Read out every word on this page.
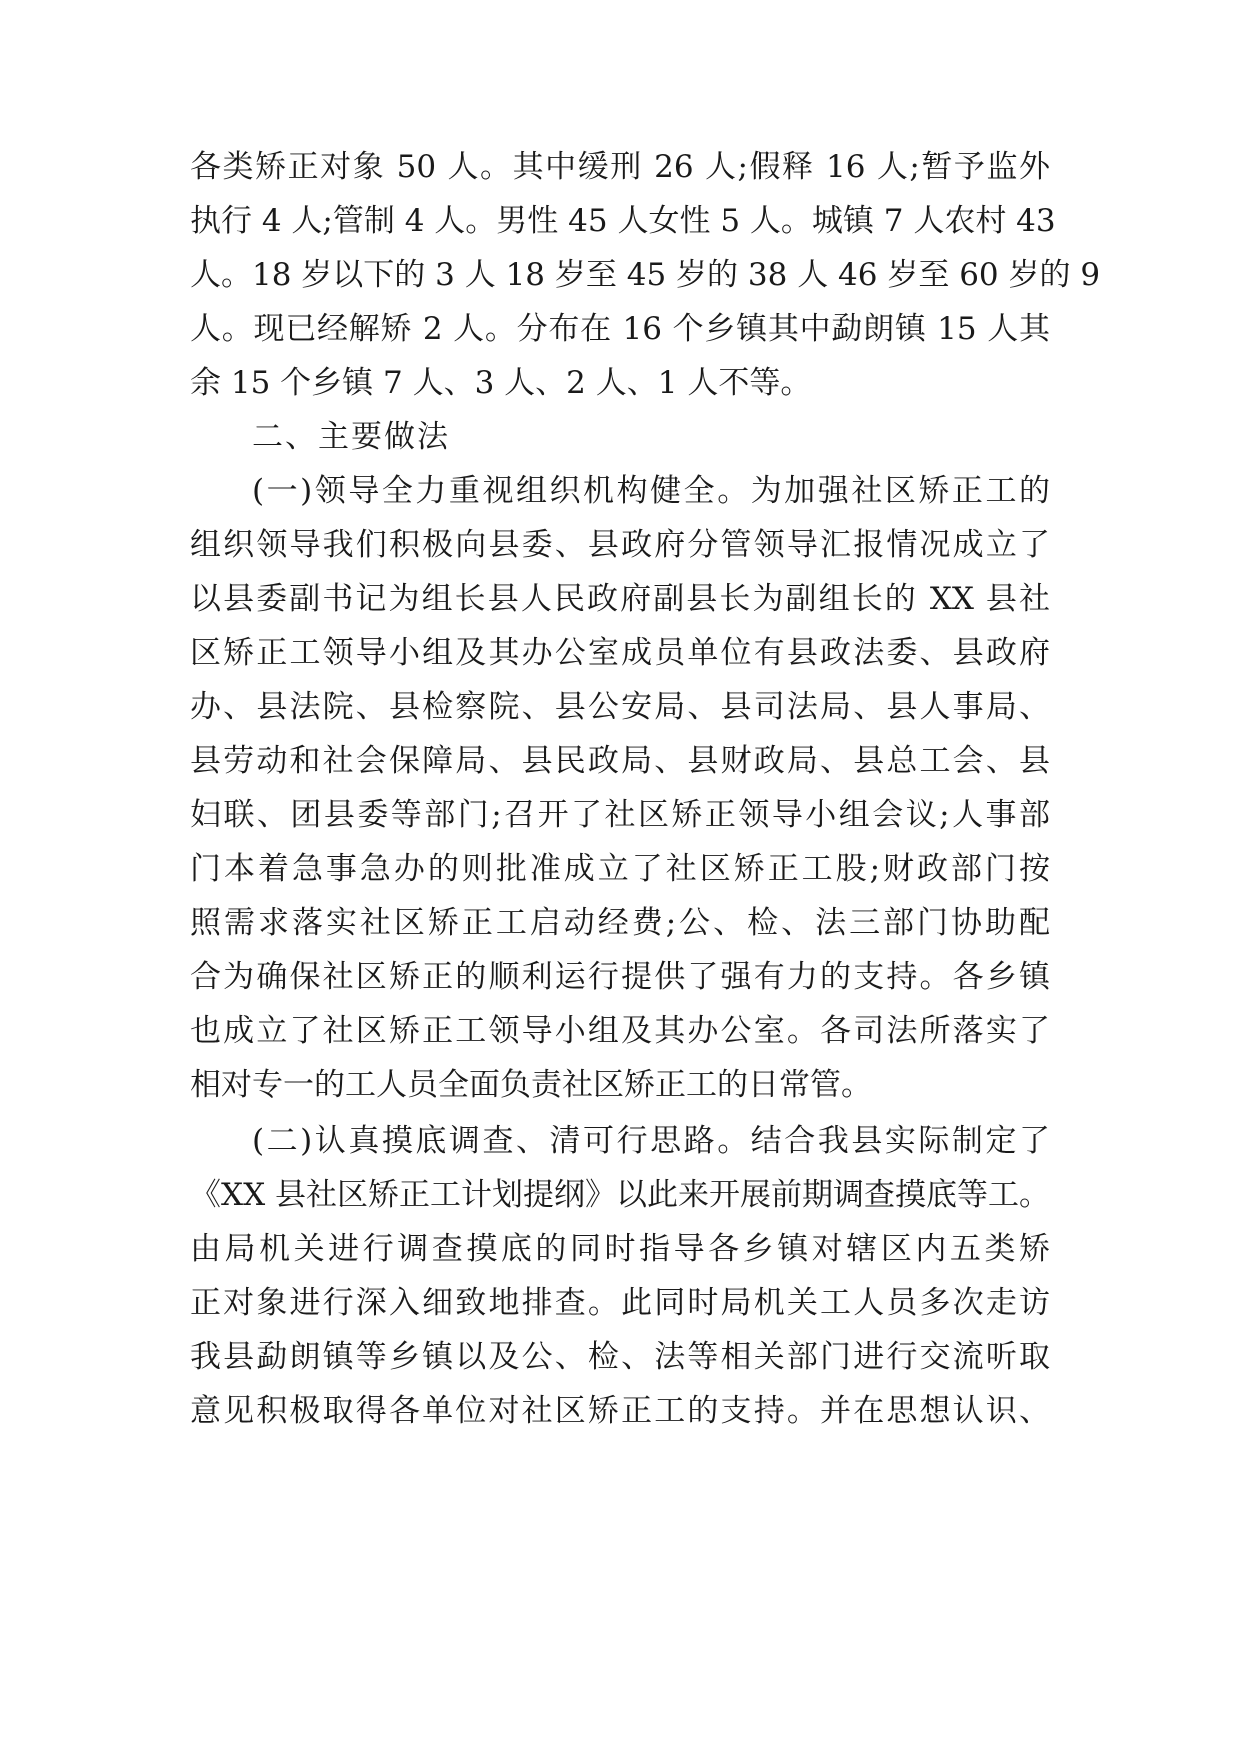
各类矫正对象 50 人。其中缓刑 26 人;假释 16 人;暂予监外
执行 4 人;管制 4 人。男性 45 人女性 5 人。城镇 7 人农村 43
人。18 岁以下的 3 人 18 岁至 45 岁的 38 人 46 岁至 60 岁的 9
人。现已经解矫 2 人。分布在 16 个乡镇其中勐朗镇 15 人其
余 15 个乡镇 7 人、3 人、2 人、1 人不等。
二、主要做法
(一)领导全力重视组织机构健全。为加强社区矫正工的
组织领导我们积极向县委、县政府分管领导汇报情况成立了
以县委副书记为组长县人民政府副县长为副组长的 XX 县社
区矫正工领导小组及其办公室成员单位有县政法委、县政府
办、县法院、县检察院、县公安局、县司法局、县人事局、
县劳动和社会保障局、县民政局、县财政局、县总工会、县
妇联、团县委等部门;召开了社区矫正领导小组会议;人事部
门本着急事急办的则批准成立了社区矫正工股;财政部门按
照需求落实社区矫正工启动经费;公、检、法三部门协助配
合为确保社区矫正的顺利运行提供了强有力的支持。各乡镇
也成立了社区矫正工领导小组及其办公室。各司法所落实了
相对专一的工人员全面负责社区矫正工的日常管。
(二)认真摸底调查、清可行思路。结合我县实际制定了
《XX 县社区矫正工计划提纲》以此来开展前期调查摸底等工。
由局机关进行调查摸底的同时指导各乡镇对辖区内五类矫
正对象进行深入细致地排查。此同时局机关工人员多次走访
我县勐朗镇等乡镇以及公、检、法等相关部门进行交流听取
意见积极取得各单位对社区矫正工的支持。并在思想认识、
